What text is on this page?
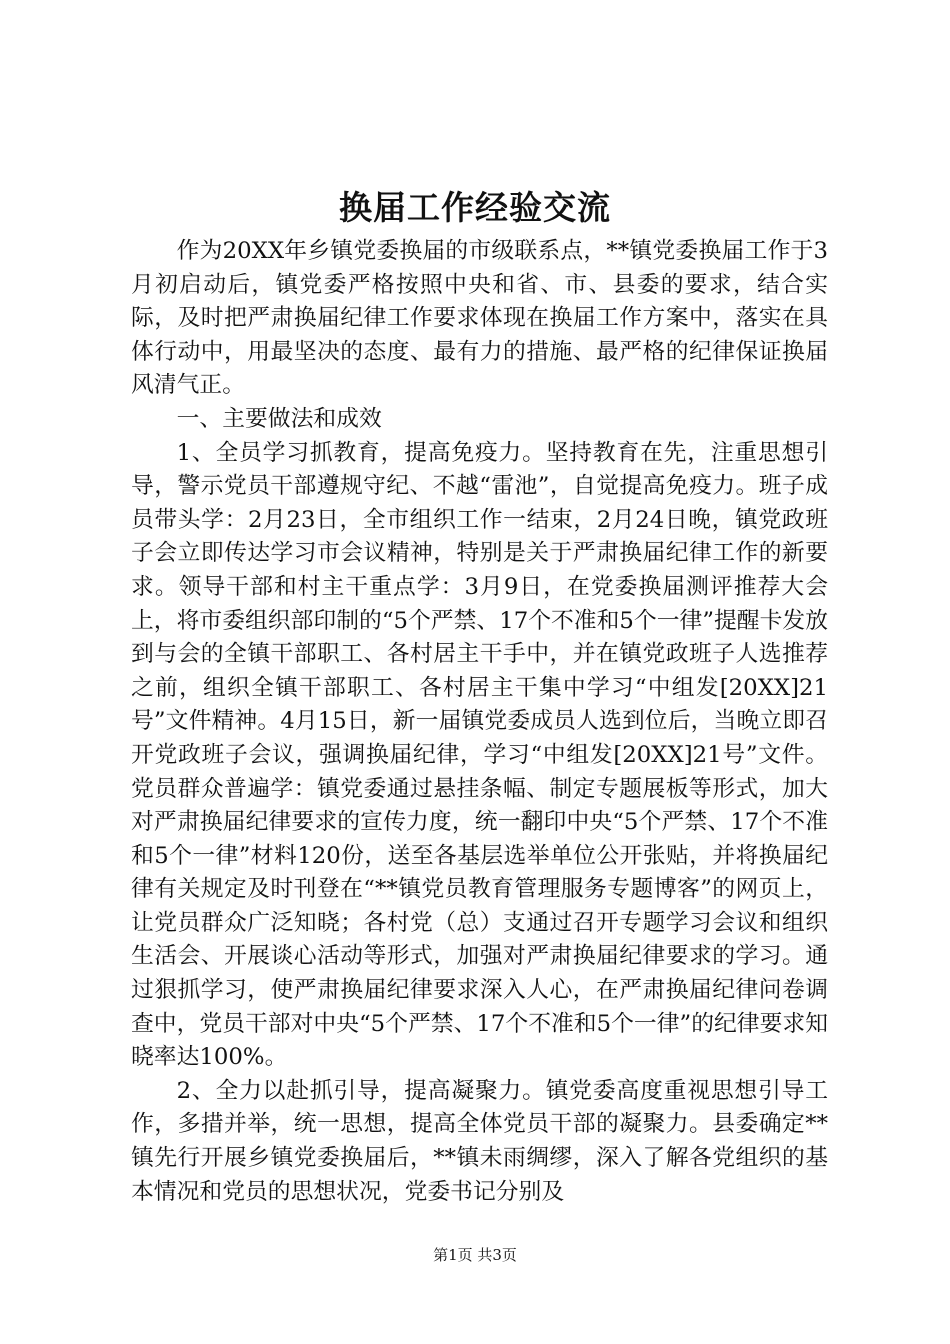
换届工作经验交流

作为20XX年乡镇党委换届的市级联系点，**镇党委换届工作于3月初启动后，镇党委严格按照中央和省、市、县委的要求，结合实际，及时把严肃换届纪律工作要求体现在换届工作方案中，落实在具体行动中，用最坚决的态度、最有力的措施、最严格的纪律保证换届风清气正。

一、主要做法和成效

1、全员学习抓教育，提高免疫力。坚持教育在先，注重思想引导，警示党员干部遵规守纪、不越“雷池”，自觉提高免疫力。班子成员带头学：2月23日，全市组织工作一结束，2月24日晚，镇党政班子会立即传达学习市会议精神，特别是关于严肃换届纪律工作的新要求。领导干部和村主干重点学：3月9日，在党委换届测评推荐大会上，将市委组织部印制的“5个严禁、17个不准和5个一律”提醒卡发放到与会的全镇干部职工、各村居主干手中，并在镇党政班子人选推荐之前，组织全镇干部职工、各村居主干集中学习“中组发[20XX]21号”文件精神。4月15日，新一届镇党委成员人选到位后，当晚立即召开党政班子会议，强调换届纪律，学习“中组发[20XX]21号”文件。党员群众普遍学：镇党委通过悬挂条幅、制定专题展板等形式，加大对严肃换届纪律要求的宣传力度，统一翻印中央“5个严禁、17个不准和5个一律”材料120份，送至各基层选举单位公开张贴，并将换届纪律有关规定及时刊登在“**镇党员教育管理服务专题博客”的网页上，让党员群众广泛知晓；各村党（总）支通过召开专题学习会议和组织生活会、开展谈心活动等形式，加强对严肃换届纪律要求的学习。通过狠抓学习，使严肃换届纪律要求深入人心，在严肃换届纪律问卷调查中，党员干部对中央“5个严禁、17个不准和5个一律”的纪律要求知晓率达100%。

2、全力以赴抓引导，提高凝聚力。镇党委高度重视思想引导工作，多措并举，统一思想，提高全体党员干部的凝聚力。县委确定**镇先行开展乡镇党委换届后，**镇未雨绸缪，深入了解各党组织的基本情况和党员的思想状况，党委书记分别及

第1页 共3页
